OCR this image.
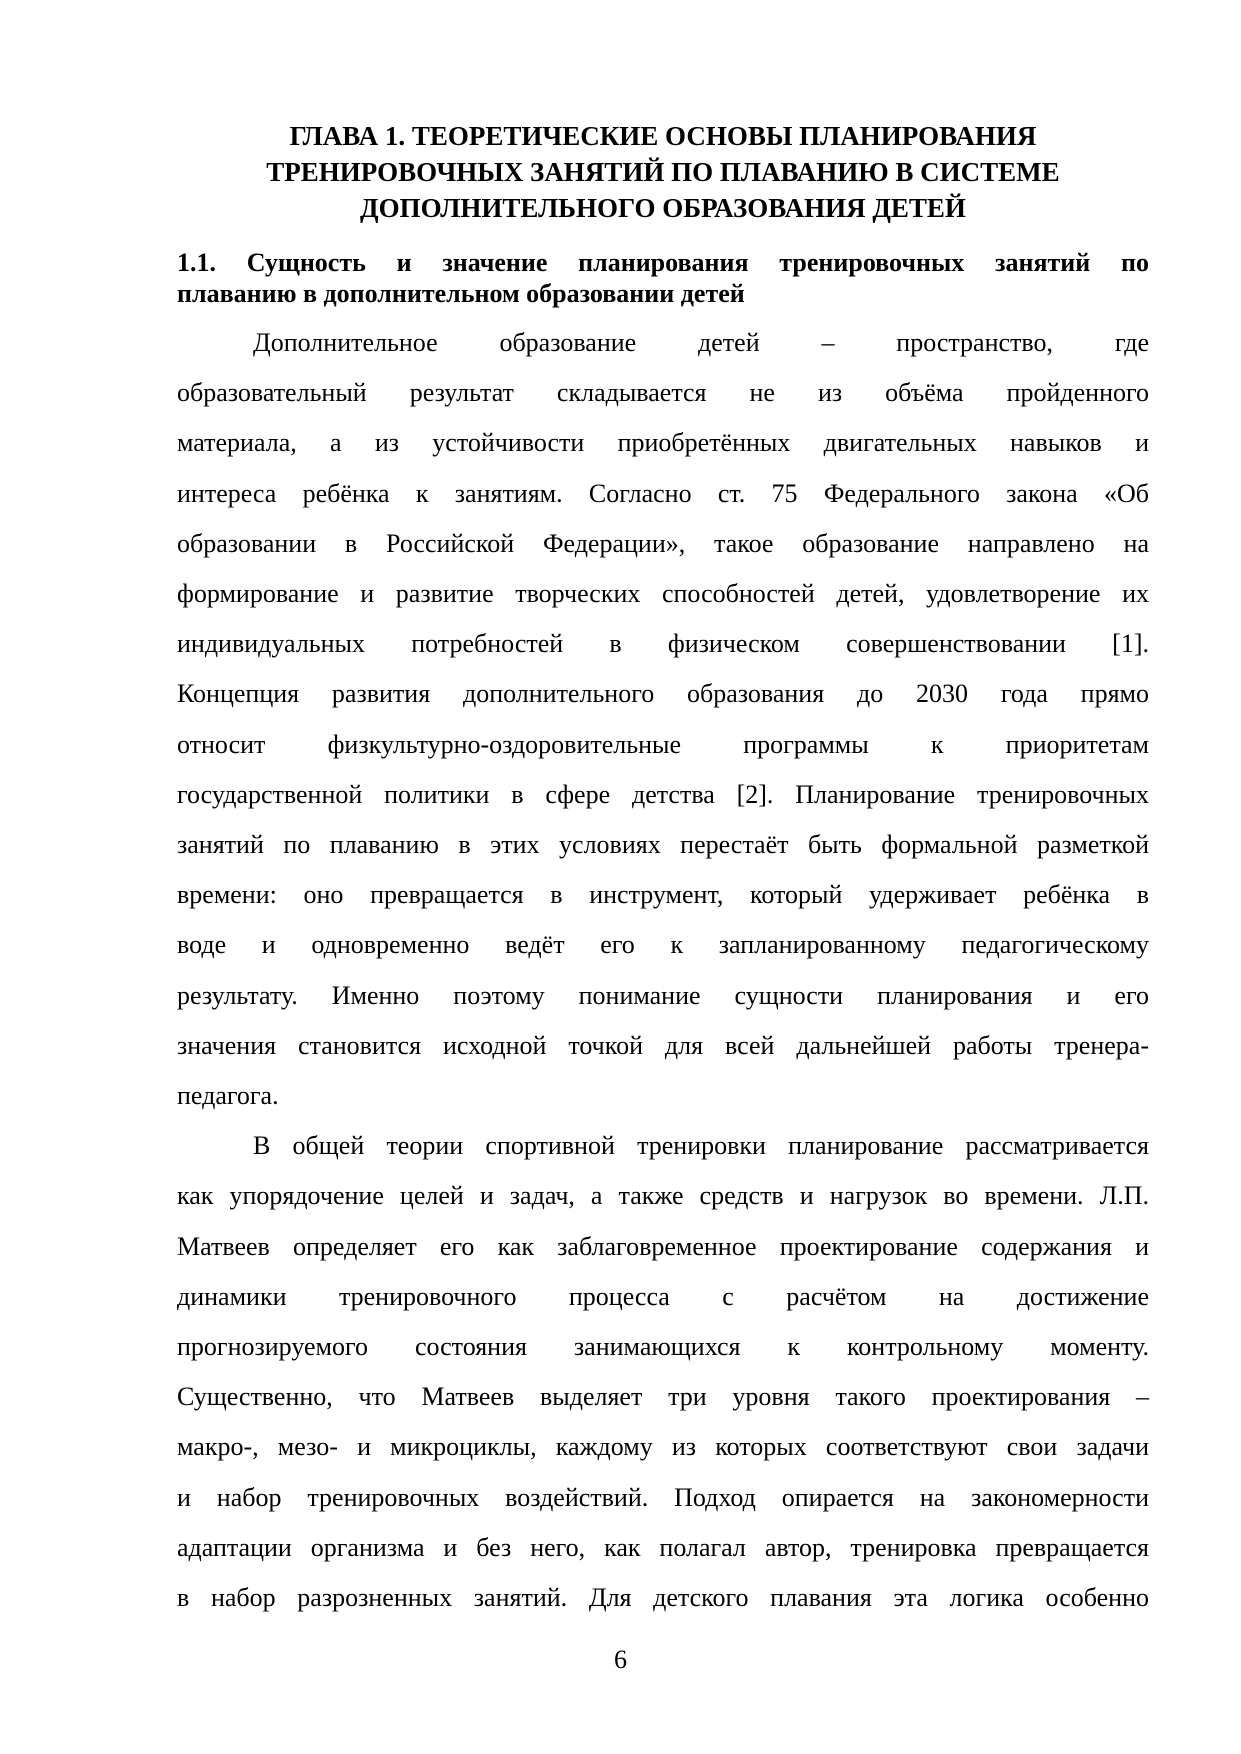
ГЛАВА 1. ТЕОРЕТИЧЕСКИЕ ОСНОВЫ ПЛАНИРОВАНИЯ
ТРЕНИРОВОЧНЫХ ЗАНЯТИЙ ПО ПЛАВАНИЮ В СИСТЕМЕ
ДОПОЛНИТЕЛЬНОГО ОБРАЗОВАНИЯ ДЕТЕЙ
1.1. Сущность и значение планирования тренировочных занятий по
плаванию в дополнительном образовании детей

Дополнительное образование детей – пространство, где
образовательный результат складывается не из объёма пройденного
материала, а из устойчивости приобретённых двигательных навыков и
интереса ребёнка к занятиям. Согласно ст. 75 Федерального закона «Об
образовании в Российской Федерации», такое образование направлено на
формирование и развитие творческих способностей детей, удовлетворение их
индивидуальных потребностей в физическом совершенствовании [1].
Концепция развития дополнительного образования до 2030 года прямо
относит физкультурно-оздоровительные программы к приоритетам
государственной политики в сфере детства [2]. Планирование тренировочных
занятий по плаванию в этих условиях перестаёт быть формальной разметкой
времени: оно превращается в инструмент, который удерживает ребёнка в
воде и одновременно ведёт его к запланированному педагогическому
результату. Именно поэтому понимание сущности планирования и его
значения становится исходной точкой для всей дальнейшей работы тренера-
педагога.

В общей теории спортивной тренировки планирование рассматривается
как упорядочение целей и задач, а также средств и нагрузок во времени. Л.П.
Матвеев определяет его как заблаговременное проектирование содержания и
динамики тренировочного процесса с расчётом на достижение
прогнозируемого состояния занимающихся к контрольному моменту.
Существенно, что Матвеев выделяет три уровня такого проектирования –
макро-, мезо- и микроциклы, каждому из которых соответствуют свои задачи
и набор тренировочных воздействий. Подход опирается на закономерности
адаптации организма и без него, как полагал автор, тренировка превращается
в набор разрозненных занятий. Для детского плавания эта логика особенно

6
